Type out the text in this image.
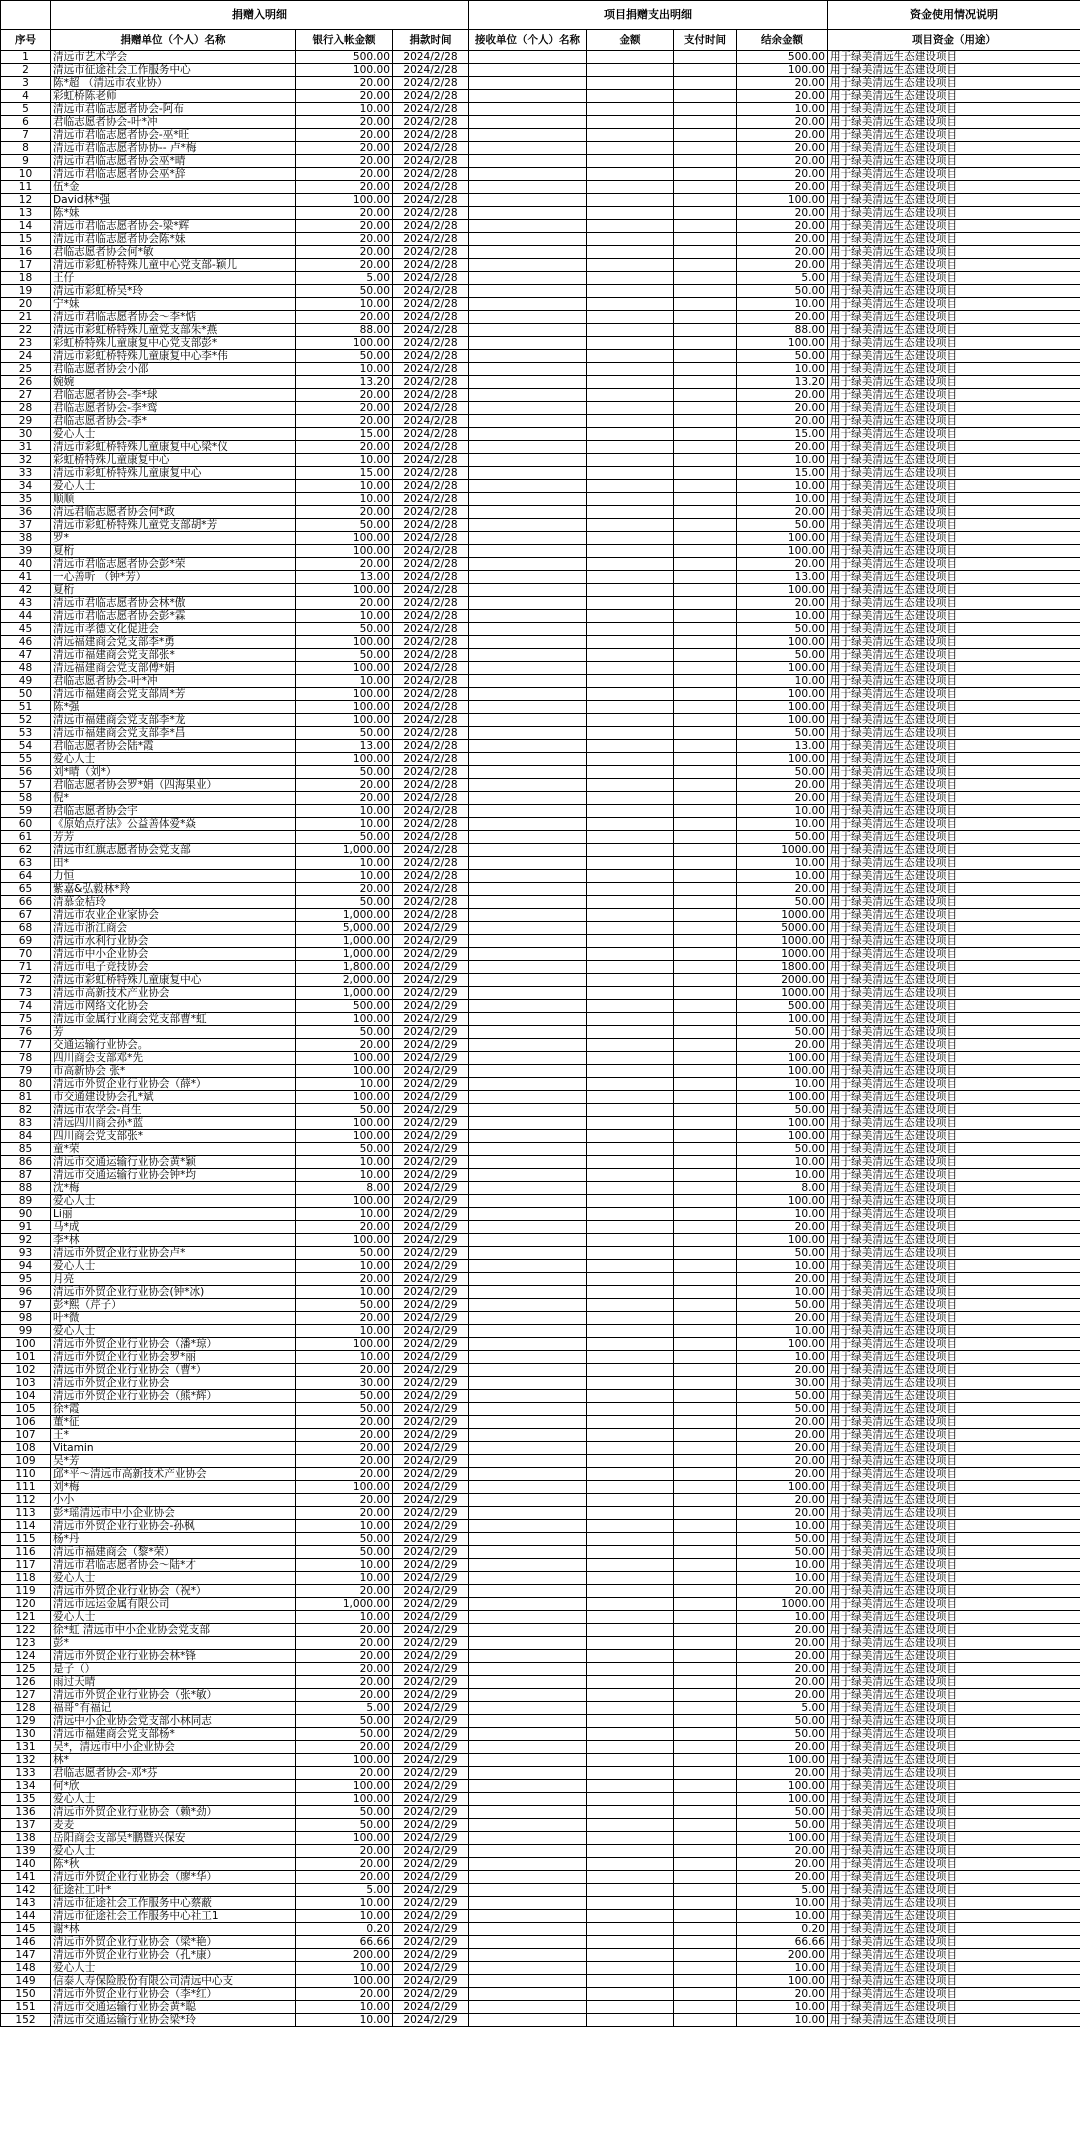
	捐赠入明细			项目捐赠支出明细				资金使用情况说明
序号	捐赠单位（个人）名称	银行入帐金额	捐款时间	接收单位（个人）名称	金额	支付时间	结余金额	项目资金（用途）
1	清远市艺术学会	500.00	2024/2/28				500.00	用于绿美清远生态建设项目
2	清远市征途社会工作服务中心	100.00	2024/2/28				100.00	用于绿美清远生态建设项目
3	陈*超 （清远市农业协）	20.00	2024/2/28				20.00	用于绿美清远生态建设项目
4	彩虹桥陈老师	20.00	2024/2/28				20.00	用于绿美清远生态建设项目
5	清远市君临志愿者协会-阿布	10.00	2024/2/28				10.00	用于绿美清远生态建设项目
6	君临志愿者协会-叶*冲	20.00	2024/2/28				20.00	用于绿美清远生态建设项目
7	清远市君临志愿者协会-巫*旺	20.00	2024/2/28				20.00	用于绿美清远生态建设项目
8	清远市君临志愿者协协-- 卢*梅	20.00	2024/2/28				20.00	用于绿美清远生态建设项目
9	清远市君临志愿者协会巫*晴	20.00	2024/2/28				20.00	用于绿美清远生态建设项目
10	清远市君临志愿者协会巫*辞	20.00	2024/2/28				20.00	用于绿美清远生态建设项目
11	伍*金	20.00	2024/2/28				20.00	用于绿美清远生态建设项目
12	David林*强	100.00	2024/2/28				100.00	用于绿美清远生态建设项目
13	陈*妹	20.00	2024/2/28				20.00	用于绿美清远生态建设项目
14	清远市君临志愿者协会-梁*辉	20.00	2024/2/28				20.00	用于绿美清远生态建设项目
15	清远市君临志愿者协会陈*妹	20.00	2024/2/28				20.00	用于绿美清远生态建设项目
16	君临志愿者协会何*敏	20.00	2024/2/28				20.00	用于绿美清远生态建设项目
17	清远市彩虹桥特殊儿童中心党支部-颖儿	20.00	2024/2/28				20.00	用于绿美清远生态建设项目
18	王仔	5.00	2024/2/28				5.00	用于绿美清远生态建设项目
19	清远市彩虹桥吴*玲	50.00	2024/2/28				50.00	用于绿美清远生态建设项目
20	宁*妹	10.00	2024/2/28				10.00	用于绿美清远生态建设项目
21	清远市君临志愿者协会～李*惦	20.00	2024/2/28				20.00	用于绿美清远生态建设项目
22	清远市彩虹桥特殊儿童党支部朱*燕	88.00	2024/2/28				88.00	用于绿美清远生态建设项目
23	彩虹桥特殊儿童康复中心党支部彭*	100.00	2024/2/28				100.00	用于绿美清远生态建设项目
24	清远市彩虹桥特殊儿童康复中心李*伟	50.00	2024/2/28				50.00	用于绿美清远生态建设项目
25	君临志愿者协会小邵	10.00	2024/2/28				10.00	用于绿美清远生态建设项目
26	婉婉	13.20	2024/2/28				13.20	用于绿美清远生态建设项目
27	君临志愿者协会-李*球	20.00	2024/2/28				20.00	用于绿美清远生态建设项目
28	君临志愿者协会-李*鸾	20.00	2024/2/28				20.00	用于绿美清远生态建设项目
29	君临志愿者协会-李*	20.00	2024/2/28				20.00	用于绿美清远生态建设项目
30	爱心人士	15.00	2024/2/28				15.00	用于绿美清远生态建设项目
31	清远市彩虹桥特殊儿童康复中心梁*仪	20.00	2024/2/28				20.00	用于绿美清远生态建设项目
32	彩虹桥特殊儿童康复中心	10.00	2024/2/28				10.00	用于绿美清远生态建设项目
33	清远市彩虹桥特殊儿童康复中心	15.00	2024/2/28				15.00	用于绿美清远生态建设项目
34	爱心人士	10.00	2024/2/28				10.00	用于绿美清远生态建设项目
35	顺顺	10.00	2024/2/28				10.00	用于绿美清远生态建设项目
36	清远君临志愿者协会何*政	20.00	2024/2/28				20.00	用于绿美清远生态建设项目
37	清远市彩虹桥特殊儿童党支部胡*芳	50.00	2024/2/28				50.00	用于绿美清远生态建设项目
38	罗*	100.00	2024/2/28				100.00	用于绿美清远生态建设项目
39	夏桁	100.00	2024/2/28				100.00	用于绿美清远生态建设项目
40	清远市君临志愿者协会彭*荣	20.00	2024/2/28				20.00	用于绿美清远生态建设项目
41	一心善听 （钟*芳）	13.00	2024/2/28				13.00	用于绿美清远生态建设项目
42	夏桁	100.00	2024/2/28				100.00	用于绿美清远生态建设项目
43	清远市君临志愿者协会林*傲	20.00	2024/2/28				20.00	用于绿美清远生态建设项目
44	清远市君临志愿者协会彭*霖	10.00	2024/2/28				10.00	用于绿美清远生态建设项目
45	清远市孝德文化促进会	50.00	2024/2/28				50.00	用于绿美清远生态建设项目
46	清远福建商会党支部李*勇	100.00	2024/2/28				100.00	用于绿美清远生态建设项目
47	清远市福建商会党支部张*	50.00	2024/2/28				50.00	用于绿美清远生态建设项目
48	清远福建商会党支部傅*娟	100.00	2024/2/28				100.00	用于绿美清远生态建设项目
49	君临志愿者协会-叶*冲	10.00	2024/2/28				10.00	用于绿美清远生态建设项目
50	清远市福建商会党支部周*芳	100.00	2024/2/28				100.00	用于绿美清远生态建设项目
51	陈*强	100.00	2024/2/28				100.00	用于绿美清远生态建设项目
52	清远市福建商会党支部李*龙	100.00	2024/2/28				100.00	用于绿美清远生态建设项目
53	清远市福建商会党支部李*昌	50.00	2024/2/28				50.00	用于绿美清远生态建设项目
54	君临志愿者协会陆*霞	13.00	2024/2/28				13.00	用于绿美清远生态建设项目
55	爱心人士	100.00	2024/2/28				100.00	用于绿美清远生态建设项目
56	刘*晴（刘*）	50.00	2024/2/28				50.00	用于绿美清远生态建设项目
57	君临志愿者协会罗*娟（四海果业）	20.00	2024/2/28				20.00	用于绿美清远生态建设项目
58	倪*	20.00	2024/2/28				20.00	用于绿美清远生态建设项目
59	君临志愿者协会宇	10.00	2024/2/28				10.00	用于绿美清远生态建设项目
60	《原始点疗法》公益善体爱*焱	10.00	2024/2/28				10.00	用于绿美清远生态建设项目
61	芳芳	50.00	2024/2/28				50.00	用于绿美清远生态建设项目
62	清远市红旗志愿者协会党支部	1,000.00	2024/2/28				1000.00	用于绿美清远生态建设项目
63	田*	10.00	2024/2/28				10.00	用于绿美清远生态建设项目
64	力恒	10.00	2024/2/28				10.00	用于绿美清远生态建设项目
65	紫嘉&弘毅林*羚	20.00	2024/2/28				20.00	用于绿美清远生态建设项目
66	清慕金桔玲	50.00	2024/2/28				50.00	用于绿美清远生态建设项目
67	清远市农业企业家协会	1,000.00	2024/2/28				1000.00	用于绿美清远生态建设项目
68	清远市浙江商会	5,000.00	2024/2/29				5000.00	用于绿美清远生态建设项目
69	清远市水利行业协会	1,000.00	2024/2/29				1000.00	用于绿美清远生态建设项目
70	清远市中小企业协会	1,000.00	2024/2/29				1000.00	用于绿美清远生态建设项目
71	清远市电子竞技协会	1,800.00	2024/2/29				1800.00	用于绿美清远生态建设项目
72	清远市彩虹桥特殊儿童康复中心	2,000.00	2024/2/29				2000.00	用于绿美清远生态建设项目
73	清远市高新技术产业协会	1,000.00	2024/2/29				1000.00	用于绿美清远生态建设项目
74	清远市网络文化协会	500.00	2024/2/29				500.00	用于绿美清远生态建设项目
75	清远市金属行业商会党支部曹*虹	100.00	2024/2/29				100.00	用于绿美清远生态建设项目
76	芳	50.00	2024/2/29				50.00	用于绿美清远生态建设项目
77	交通运输行业协会。	20.00	2024/2/29				20.00	用于绿美清远生态建设项目
78	四川商会支部邓*先	100.00	2024/2/29				100.00	用于绿美清远生态建设项目
79	市高新协会 张*	100.00	2024/2/29				100.00	用于绿美清远生态建设项目
80	清远市外贸企业行业协会（薛*）	10.00	2024/2/29				10.00	用于绿美清远生态建设项目
81	市交通建设协会孔*斌	100.00	2024/2/29				100.00	用于绿美清远生态建设项目
82	清远市农学会-肖生	50.00	2024/2/29				50.00	用于绿美清远生态建设项目
83	清远四川商会孙*蓝	100.00	2024/2/29				100.00	用于绿美清远生态建设项目
84	四川商会党支部张*	100.00	2024/2/29				100.00	用于绿美清远生态建设项目
85	童*荣	50.00	2024/2/29				50.00	用于绿美清远生态建设项目
86	清远市交通运输行业协会黄*颖	10.00	2024/2/29				10.00	用于绿美清远生态建设项目
87	清远市交通运输行业协会钟*均	10.00	2024/2/29				10.00	用于绿美清远生态建设项目
88	沈*梅	8.00	2024/2/29				8.00	用于绿美清远生态建设项目
89	爱心人士	100.00	2024/2/29				100.00	用于绿美清远生态建设项目
90	Li丽	10.00	2024/2/29				10.00	用于绿美清远生态建设项目
91	马*成	20.00	2024/2/29				20.00	用于绿美清远生态建设项目
92	李*林	100.00	2024/2/29				100.00	用于绿美清远生态建设项目
93	清远市外贸企业行业协会卢*	50.00	2024/2/29				50.00	用于绿美清远生态建设项目
94	爱心人士	10.00	2024/2/29				10.00	用于绿美清远生态建设项目
95	月亮	20.00	2024/2/29				20.00	用于绿美清远生态建设项目
96	清远市外贸企业行业协会(钟*冰)	10.00	2024/2/29				10.00	用于绿美清远生态建设项目
97	彭*熙（芹子）	50.00	2024/2/29				50.00	用于绿美清远生态建设项目
98	叶*微	20.00	2024/2/29				20.00	用于绿美清远生态建设项目
99	爱心人士	10.00	2024/2/29				10.00	用于绿美清远生态建设项目
100	清远市外贸企业行业协会（潘*琼）	100.00	2024/2/29				100.00	用于绿美清远生态建设项目
101	清远市外贸企业行业协会罗*丽	10.00	2024/2/29				10.00	用于绿美清远生态建设项目
102	清远市外贸企业行业协会（曹*）	20.00	2024/2/29				20.00	用于绿美清远生态建设项目
103	清远市外贸企业行业协会	30.00	2024/2/29				30.00	用于绿美清远生态建设项目
104	清远市外贸企业行业协会（熊*辉）	50.00	2024/2/29				50.00	用于绿美清远生态建设项目
105	徐*霞	50.00	2024/2/29				50.00	用于绿美清远生态建设项目
106	董*征	20.00	2024/2/29				20.00	用于绿美清远生态建设项目
107	王*	20.00	2024/2/29				20.00	用于绿美清远生态建设项目
108	Vitamin	20.00	2024/2/29				20.00	用于绿美清远生态建设项目
109	吴*芳	20.00	2024/2/29				20.00	用于绿美清远生态建设项目
110	邱*平～清远市高新技术产业协会	20.00	2024/2/29				20.00	用于绿美清远生态建设项目
111	刘*梅	100.00	2024/2/29				100.00	用于绿美清远生态建设项目
112	小小	20.00	2024/2/29				20.00	用于绿美清远生态建设项目
113	彭*瑶清远市中小企业协会	20.00	2024/2/29				20.00	用于绿美清远生态建设项目
114	清远市外贸企业行业协会-孙枫	10.00	2024/2/29				10.00	用于绿美清远生态建设项目
115	杨*丹	50.00	2024/2/29				50.00	用于绿美清远生态建设项目
116	清远市福建商会（黎*荣）	50.00	2024/2/29				50.00	用于绿美清远生态建设项目
117	清远市君临志愿者协会～陆*才	10.00	2024/2/29				10.00	用于绿美清远生态建设项目
118	爱心人士	10.00	2024/2/29				10.00	用于绿美清远生态建设项目
119	清远市外贸企业行业协会（祝*）	20.00	2024/2/29				20.00	用于绿美清远生态建设项目
120	清远市远运金属有限公司	1,000.00	2024/2/29				1000.00	用于绿美清远生态建设项目
121	爱心人士	10.00	2024/2/29				10.00	用于绿美清远生态建设项目
122	徐*虹 清远市中小企业协会党支部	20.00	2024/2/29				20.00	用于绿美清远生态建设项目
123	彭*	20.00	2024/2/29				20.00	用于绿美清远生态建设项目
124	清远市外贸企业行业协会林*锋	20.00	2024/2/29				20.00	用于绿美清远生态建设项目
125	是子（）	20.00	2024/2/29				20.00	用于绿美清远生态建设项目
126	雨过天晴	20.00	2024/2/29				20.00	用于绿美清远生态建设项目
127	清远市外贸企业行业协会（张*敏）	20.00	2024/2/29				20.00	用于绿美清远生态建设项目
128	福哥°有福记	5.00	2024/2/29				5.00	用于绿美清远生态建设项目
129	清远中小企业协会党支部小林同志	50.00	2024/2/29				50.00	用于绿美清远生态建设项目
130	清远市福建商会党支部杨*	50.00	2024/2/29				50.00	用于绿美清远生态建设项目
131	吴*，清远市中小企业协会	20.00	2024/2/29				20.00	用于绿美清远生态建设项目
132	林*	100.00	2024/2/29				100.00	用于绿美清远生态建设项目
133	君临志愿者协会-邓*芬	20.00	2024/2/29				20.00	用于绿美清远生态建设项目
134	何*欣	100.00	2024/2/29				100.00	用于绿美清远生态建设项目
135	爱心人士	100.00	2024/2/29				100.00	用于绿美清远生态建设项目
136	清远市外贸企业行业协会（赖*劲）	50.00	2024/2/29				50.00	用于绿美清远生态建设项目
137	麦麦	50.00	2024/2/29				50.00	用于绿美清远生态建设项目
138	岳阳商会支部吴*鹏暨兴保安	100.00	2024/2/29				100.00	用于绿美清远生态建设项目
139	爱心人士	20.00	2024/2/29				20.00	用于绿美清远生态建设项目
140	陈*秋	20.00	2024/2/29				20.00	用于绿美清远生态建设项目
141	清远市外贸企业行业协会（廖*华）	20.00	2024/2/29				20.00	用于绿美清远生态建设项目
142	征途社工叶*	5.00	2024/2/29				5.00	用于绿美清远生态建设项目
143	清远市征途社会工作服务中心蔡蔽	10.00	2024/2/29				10.00	用于绿美清远生态建设项目
144	清远市征途社会工作服务中心社工1	10.00	2024/2/29				10.00	用于绿美清远生态建设项目
145	谢*林	0.20	2024/2/29				0.20	用于绿美清远生态建设项目
146	清远市外贸企业行业协会（梁*艳）	66.66	2024/2/29				66.66	用于绿美清远生态建设项目
147	清远市外贸企业行业协会（孔*康）	200.00	2024/2/29				200.00	用于绿美清远生态建设项目
148	爱心人士	10.00	2024/2/29				10.00	用于绿美清远生态建设项目
149	信泰人寿保险股份有限公司清远中心支	100.00	2024/2/29				100.00	用于绿美清远生态建设项目
150	清远市外贸企业行业协会（李*红）	20.00	2024/2/29				20.00	用于绿美清远生态建设项目
151	清远市交通运输行业协会黄*聪	10.00	2024/2/29				10.00	用于绿美清远生态建设项目
152	清远市交通运输行业协会梁*玲	10.00	2024/2/29				10.00	用于绿美清远生态建设项目
